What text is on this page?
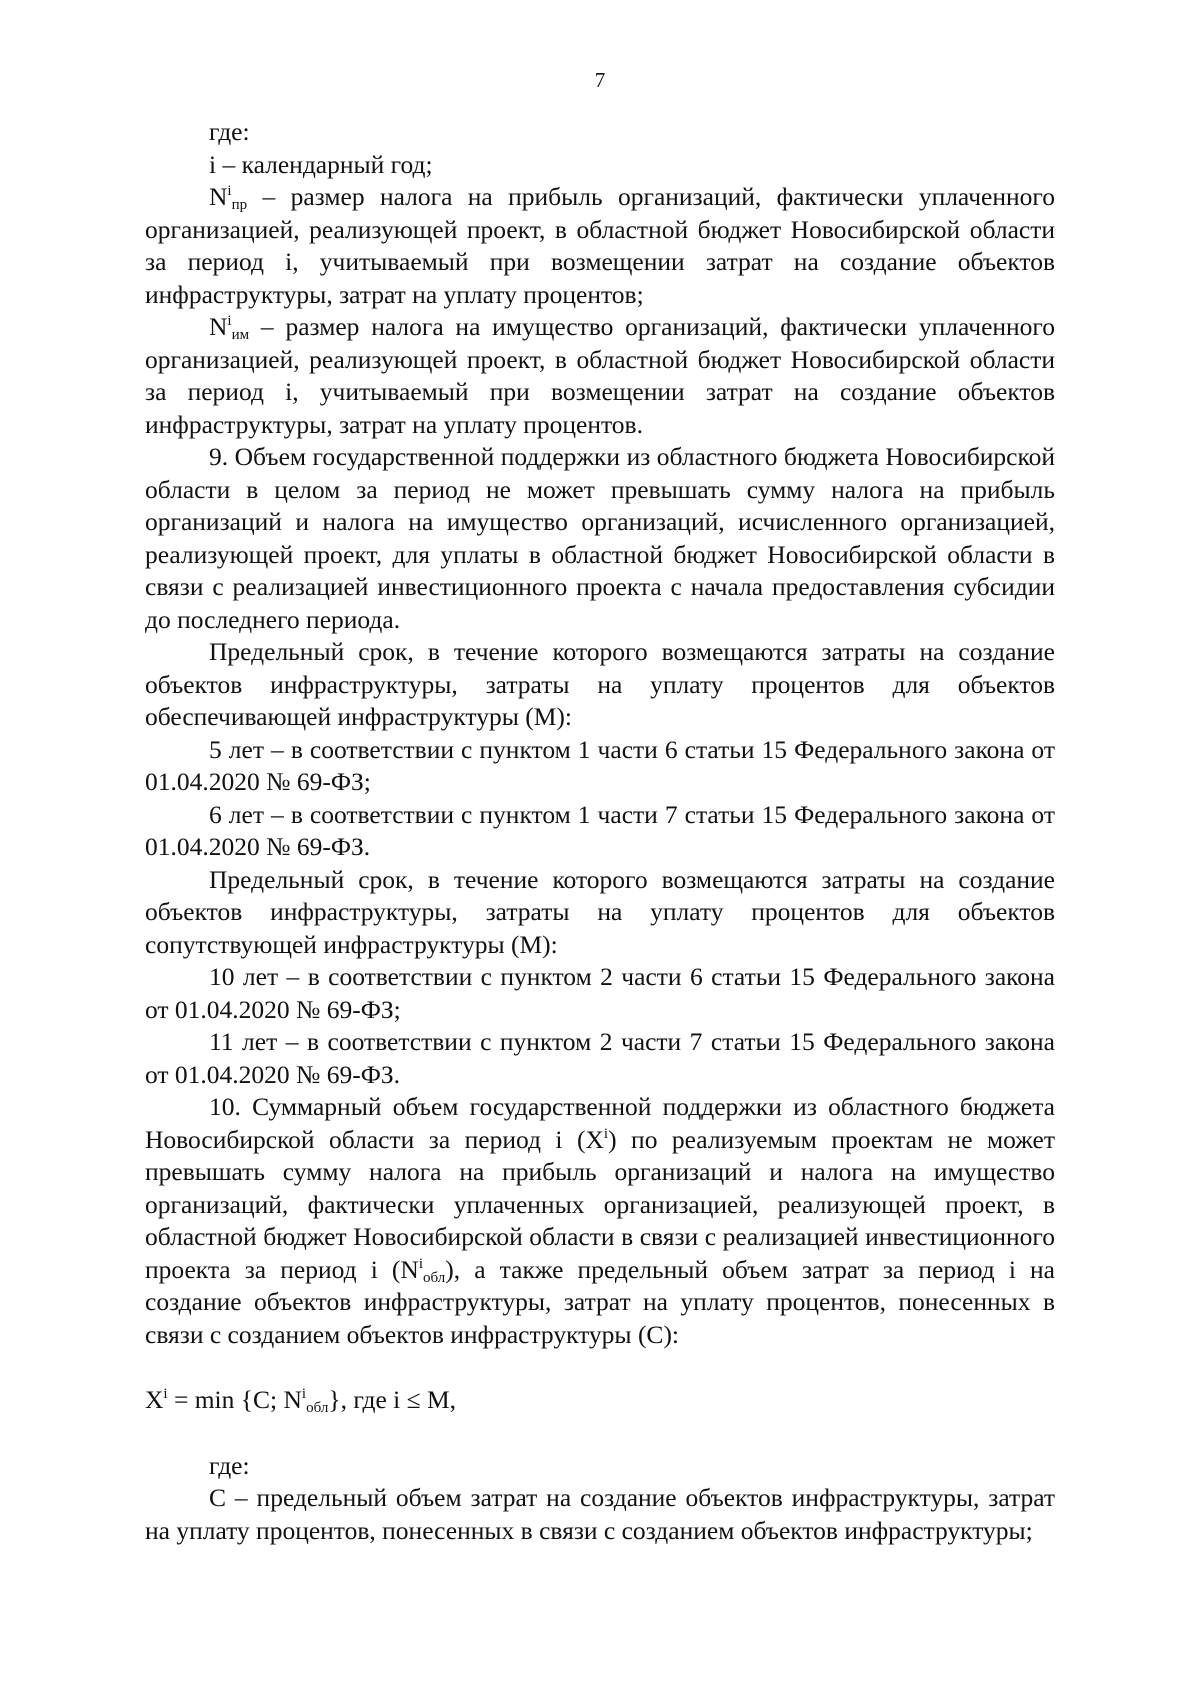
7

где:

i – календарный год;

$N^i_{пр}$ – размер налога на прибыль организаций, фактически уплаченного организацией, реализующей проект, в областной бюджет Новосибирской области за период i, учитываемый при возмещении затрат на создание объектов инфраструктуры, затрат на уплату процентов;

$N^i_{им}$ – размер налога на имущество организаций, фактически уплаченного организацией, реализующей проект, в областной бюджет Новосибирской области за период i, учитываемый при возмещении затрат на создание объектов инфраструктуры, затрат на уплату процентов.

9. Объем государственной поддержки из областного бюджета Новосибирской области в целом за период не может превышать сумму налога на прибыль организаций и налога на имущество организаций, исчисленного организацией, реализующей проект, для уплаты в областной бюджет Новосибирской области в связи с реализацией инвестиционного проекта с начала предоставления субсидии до последнего периода.

Предельный срок, в течение которого возмещаются затраты на создание объектов инфраструктуры, затраты на уплату процентов для объектов обеспечивающей инфраструктуры (M):

5 лет – в соответствии с пунктом 1 части 6 статьи 15 Федерального закона от 01.04.2020 № 69-ФЗ;

6 лет – в соответствии с пунктом 1 части 7 статьи 15 Федерального закона от 01.04.2020 № 69-ФЗ.

Предельный срок, в течение которого возмещаются затраты на создание объектов инфраструктуры, затраты на уплату процентов для объектов сопутствующей инфраструктуры (M):

10 лет – в соответствии с пунктом 2 части 6 статьи 15 Федерального закона от 01.04.2020 № 69-ФЗ;

11 лет – в соответствии с пунктом 2 части 7 статьи 15 Федерального закона от 01.04.2020 № 69-ФЗ.

10. Суммарный объем государственной поддержки из областного бюджета Новосибирской области за период i $(X^i)$ по реализуемым проектам не может превышать сумму налога на прибыль организаций и налога на имущество организаций, фактически уплаченных организацией, реализующей проект, в областной бюджет Новосибирской области в связи с реализацией инвестиционного проекта за период i $(N^i_{обл})$, а также предельный объем затрат за период i на создание объектов инфраструктуры, затрат на уплату процентов, понесенных в связи с созданием объектов инфраструктуры (C):

$X^i = \min \{C$; $N^i_{обл}$}, где i ≤ M,

где:

C – предельный объем затрат на создание объектов инфраструктуры, затрат на уплату процентов, понесенных в связи с созданием объектов инфраструктуры;
